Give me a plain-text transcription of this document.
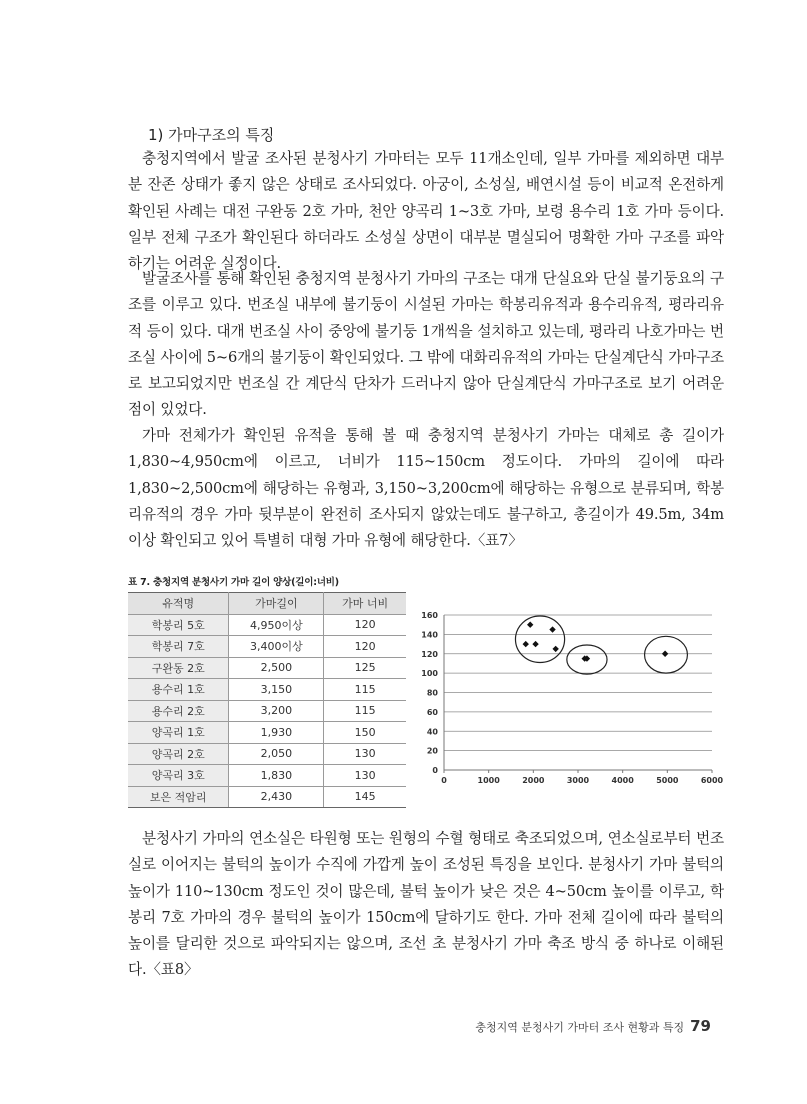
1) 가마구조의 특징

충청지역에서 발굴 조사된 분청사기 가마터는 모두 11개소인데, 일부 가마를 제외하면 대부분 잔존 상태가 좋지 않은 상태로 조사되었다. 아궁이, 소성실, 배연시설 등이 비교적 온전하게 확인된 사례는 대전 구완동 2호 가마, 천안 양곡리 1~3호 가마, 보령 용수리 1호 가마 등이다. 일부 전체 구조가 확인된다 하더라도 소성실 상면이 대부분 멸실되어 명확한 가마 구조를 파악하기는 어려운 실정이다.

발굴조사를 통해 확인된 충청지역 분청사기 가마의 구조는 대개 단실요와 단실 불기둥요의 구조를 이루고 있다. 번조실 내부에 불기둥이 시설된 가마는 학봉리유적과 용수리유적, 평라리유적 등이 있다. 대개 번조실 사이 중앙에 불기둥 1개씩을 설치하고 있는데, 평라리 나호가마는 번조실 사이에 5~6개의 불기둥이 확인되었다. 그 밖에 대화리유적의 가마는 단실계단식 가마구조로 보고되었지만 번조실 간 계단식 단차가 드러나지 않아 단실계단식 가마구조로 보기 어려운 점이 있었다.

가마 전체가가 확인된 유적을 통해 볼 때 충청지역 분청사기 가마는 대체로 총 길이가 1,830~4,950cm에 이르고, 너비가 115~150cm 정도이다. 가마의 길이에 따라 1,830~2,500cm에 해당하는 유형과, 3,150~3,200cm에 해당하는 유형으로 분류되며, 학봉리유적의 경우 가마 뒷부분이 완전히 조사되지 않았는데도 불구하고, 총길이가 49.5m, 34m 이상 확인되고 있어 특별히 대형 가마 유형에 해당한다.〈표7〉

표 7. 충청지역 분청사기 가마 길이 양상(길이:너비)
유적명	가마길이	가마 너비
학봉리 5호	4,950이상	120
학봉리 7호	3,400이상	120
구완동 2호	2,500	125
용수리 1호	3,150	115
용수리 2호	3,200	115
양곡리 1호	1,930	150
양곡리 2호	2,050	130
양곡리 3호	1,830	130
보은 적암리	2,430	145
0
20
40
60
80
100
120
140
160
0	1000	2000	3000	4000	5000	6000

분청사기 가마의 연소실은 타원형 또는 원형의 수혈 형태로 축조되었으며, 연소실로부터 번조실로 이어지는 불턱의 높이가 수직에 가깝게 높이 조성된 특징을 보인다. 분청사기 가마 불턱의 높이가 110~130cm 정도인 것이 많은데, 불턱 높이가 낮은 것은 4~50cm 높이를 이루고, 학봉리 7호 가마의 경우 불턱의 높이가 150cm에 달하기도 한다. 가마 전체 길이에 따라 불턱의 높이를 달리한 것으로 파악되지는 않으며, 조선 초 분청사기 가마 축조 방식 중 하나로 이해된다.〈표8〉

충청지역 분청사기 가마터 조사 현황과 특징 79
